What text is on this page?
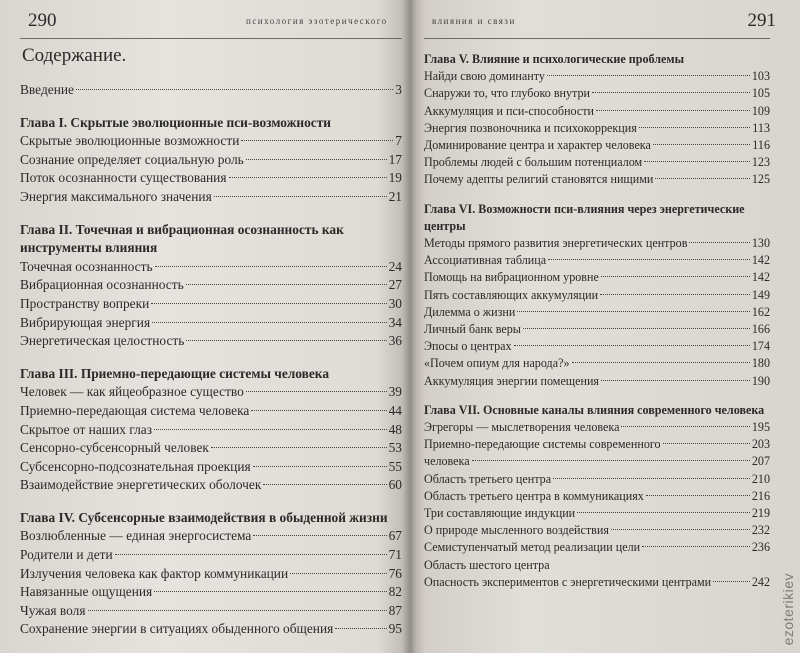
290	психология эзотерического
Содержание.
Введение	3
Глава I. Скрытые эволюционные пси-возможности
Скрытые эволюционные возможности	7
Сознание определяет социальную роль	17
Поток осознанности существования	19
Энергия максимального значения	21
Глава II. Точечная и вибрационная осознанность как инструменты влияния
Точечная осознанность	24
Вибрационная осознанность	27
Пространству вопреки	30
Вибрирующая энергия	34
Энергетическая целостность	36
Глава III. Приемно-передающие системы человека
Человек — как яйцеобразное существо	39
Приемно-передающая система человека	44
Скрытое от наших глаз	48
Сенсорно-субсенсорный человек	53
Субсенсорно-подсознательная проекция	55
Взаимодействие энергетических оболочек	60
Глава IV. Субсенсорные взаимодействия в обыденной жизни
Возлюбленные — единая энергосистема	67
Родители и дети	71
Излучения человека как фактор коммуникации	76
Навязанные ощущения	82
Чужая воля	87
Сохранение энергии в ситуациях обыденного общения	95
влияния и связи	291
Глава V. Влияние и психологические проблемы
Найди свою доминанту	103
Снаружи то, что глубоко внутри	105
Аккумуляция и пси-способности	109
Энергия позвоночника и психокоррекция	113
Доминирование центра и характер человека	116
Проблемы людей с большим потенциалом	123
Почему адепты религий становятся нищими	125
Глава VI. Возможности пси-влияния через энергетические центры
Методы прямого развития энергетических центров	130
Ассоциативная таблица	142
Помощь на вибрационном уровне	142
Пять составляющих аккумуляции	149
Дилемма о жизни	162
Личный банк веры	166
Эпосы о центрах	174
«Почем опиум для народа?»	180
Аккумуляция энергии помещения	190
Глава VII. Основные каналы влияния современного человека
Эгрегоры — мыслетворения человека	195
Приемно-передающие системы современного	203
человека	207
Область третьего центра	210
Область третьего центра в коммуникациях	216
Три составляющие индукции	219
О природе мысленного воздействия	232
Семиступенчатый метод реализации цели	236
Область шестого центра
Опасность экспериментов с энергетическими центрами	242 ezoterikiev
